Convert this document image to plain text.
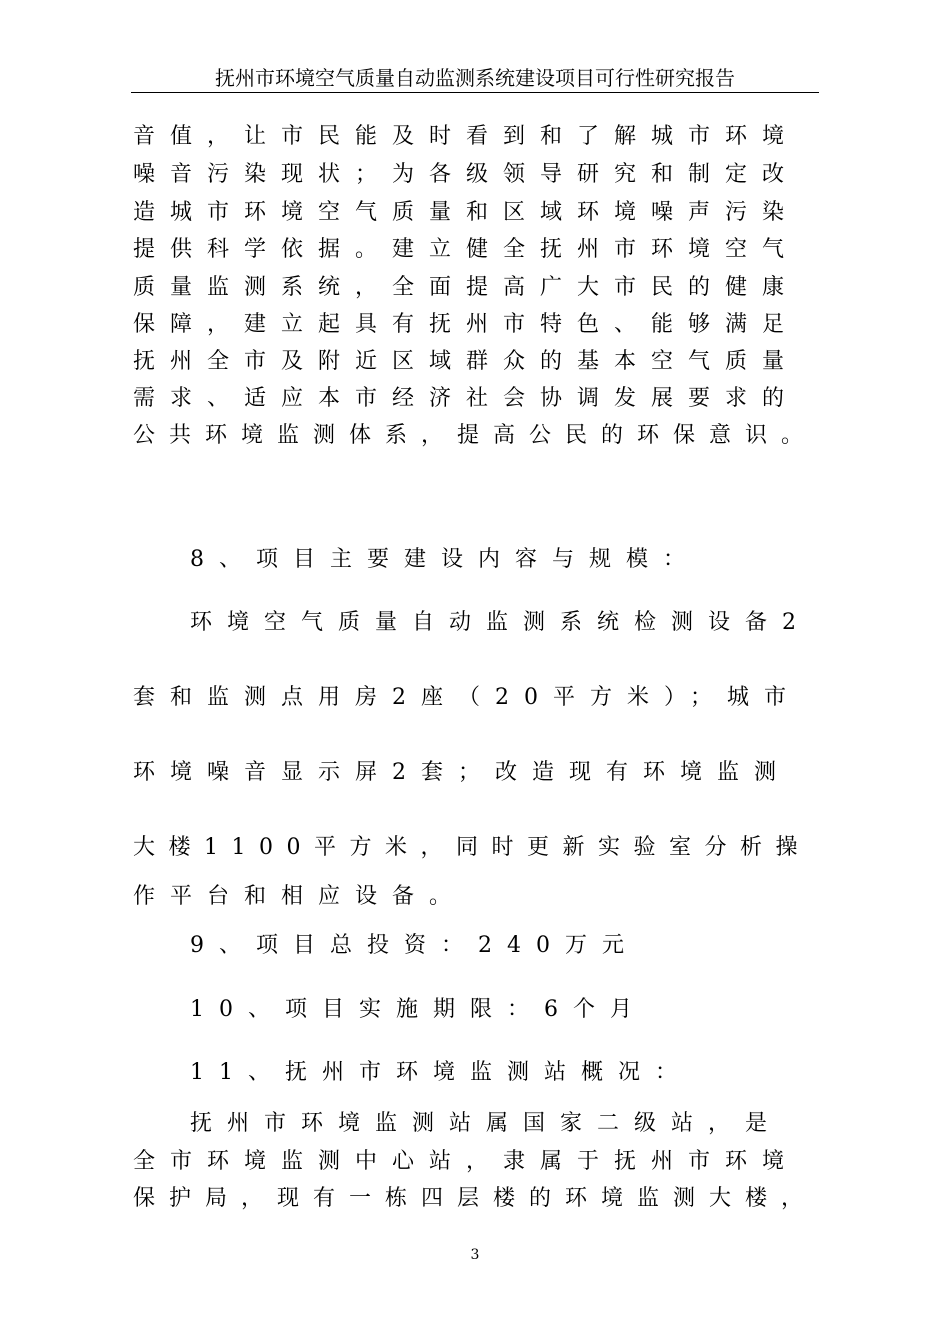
抚州市环境空气质量自动监测系统建设项目可行性研究报告
音值，让市民能及时看到和了解城市环境
噪音污染现状；为各级领导研究和制定改
造城市环境空气质量和区域环境噪声污染
提供科学依据。建立健全抚州市环境空气
质量监测系统，全面提高广大市民的健康
保障，建立起具有抚州市特色、能够满足
抚州全市及附近区域群众的基本空气质量
需求、适应本市经济社会协调发展要求的
公共环境监测体系，提高公民的环保意识。
8、项目主要建设内容与规模：
环境空气质量自动监测系统检测设备2
套和监测点用房2座（20平方米）；城市
环境噪音显示屏2套；改造现有环境监测
大楼1100平方米，同时更新实验室分析操
作平台和相应设备。
9、项目总投资：240万元
10、项目实施期限：6个月
11、抚州市环境监测站概况：
抚州市环境监测站属国家二级站，是
全市环境监测中心站，隶属于抚州市环境
保护局，现有一栋四层楼的环境监测大楼，
3
